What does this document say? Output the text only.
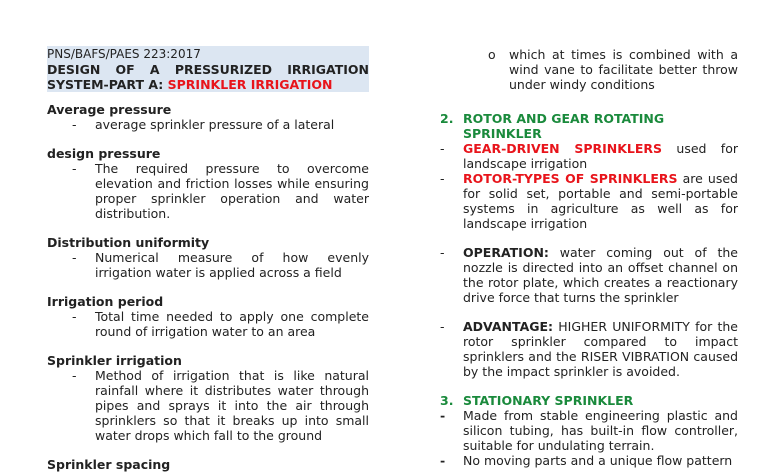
PNS/BAFS/PAES 223:2017
DESIGN OF A PRESSURIZED IRRIGATION
SYSTEM-PART A: SPRINKLER IRRIGATION
Average pressure
-	average sprinkler pressure of a lateral
design pressure
-	The required pressure to overcome elevation and friction losses while ensuring proper sprinkler operation and water distribution.
Distribution uniformity
-	Numerical measure of how evenly irrigation water is applied across a field
Irrigation period
-	Total time needed to apply one complete round of irrigation water to an area
Sprinkler irrigation
-	Method of irrigation that is like natural rainfall where it distributes water through pipes and sprays it into the air through sprinklers so that it breaks up into small water drops which fall to the ground
Sprinkler spacing
o	which at times is combined with a wind vane to facilitate better throw under windy conditions
2. ROTOR AND GEAR ROTATING SPRINKLER
-	GEAR-DRIVEN SPRINKLERS used for landscape irrigation
-	ROTOR-TYPES OF SPRINKLERS are used for solid set, portable and semi-portable systems in agriculture as well as for landscape irrigation
-	OPERATION: water coming out of the nozzle is directed into an offset channel on the rotor plate, which creates a reactionary drive force that turns the sprinkler
-	ADVANTAGE: HIGHER UNIFORMITY for the rotor sprinkler compared to impact sprinklers and the RISER VIBRATION caused by the impact sprinkler is avoided.
3. STATIONARY SPRINKLER
-	Made from stable engineering plastic and silicon tubing, has built-in flow controller, suitable for undulating terrain.
-	No moving parts and a unique flow pattern
